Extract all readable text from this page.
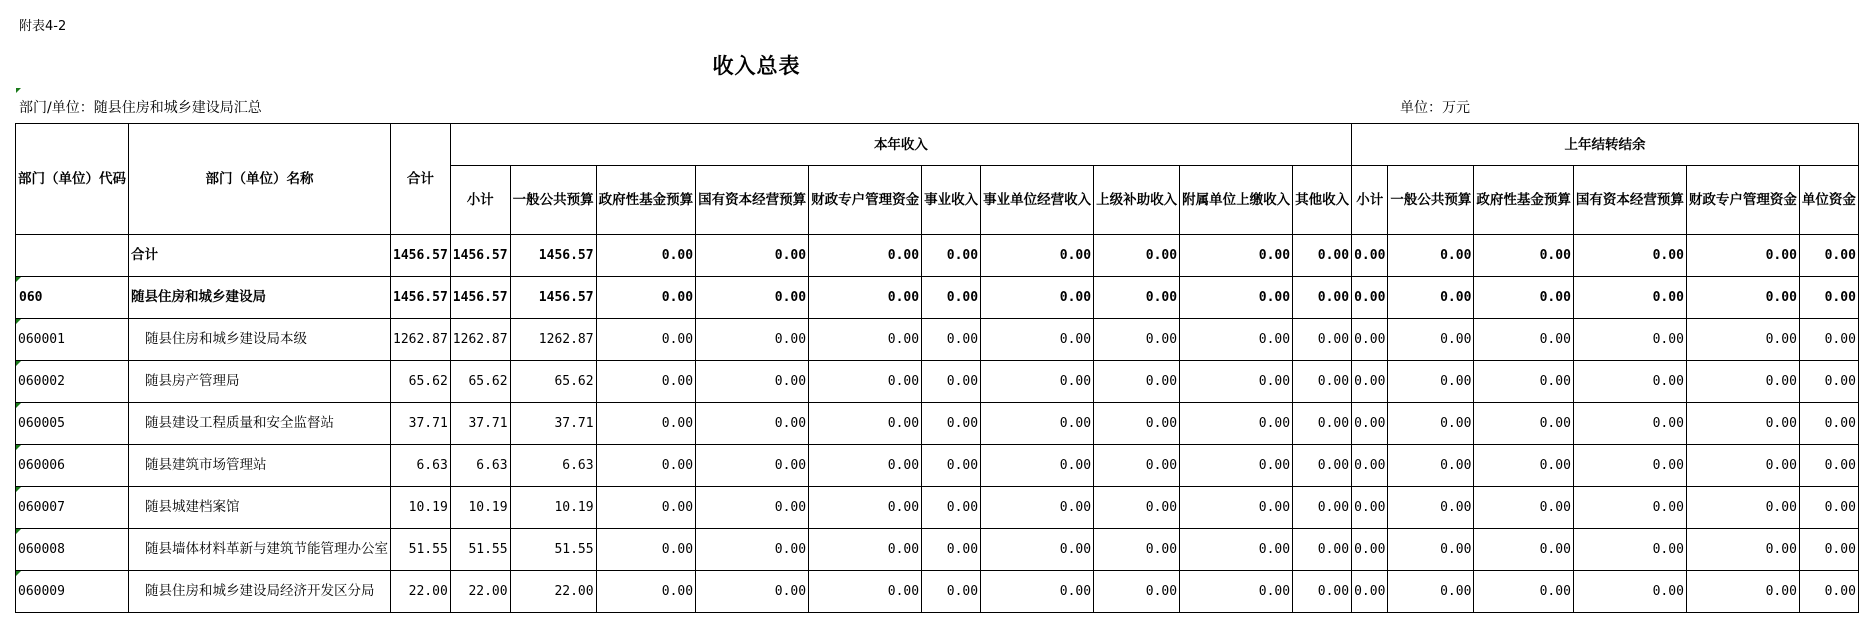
附表4-2
收入总表
部门/单位：随县住房和城乡建设局汇总	单位：万元
部门（单位）代码	部门（单位）名称	合计	本年收入										上年结转结余					
			小计	一般公共预算	政府性基金预算	国有资本经营预算	财政专户管理资金	事业收入	事业单位经营收入	上级补助收入	附属单位上缴收入	其他收入	小计	一般公共预算	政府性基金预算	国有资本经营预算	财政专户管理资金	单位资金
	合计	1456.57	1456.57	1456.57	0.00	0.00	0.00	0.00	0.00	0.00	0.00	0.00	0.00	0.00	0.00	0.00	0.00	0.00

060	随县住房和城乡建设局	1456.57	1456.57	1456.57	0.00	0.00	0.00	0.00	0.00	0.00	0.00	0.00	0.00	0.00	0.00	0.00	0.00	0.00

060001	随县住房和城乡建设局本级	1262.87	1262.87	1262.87	0.00	0.00	0.00	0.00	0.00	0.00	0.00	0.00	0.00	0.00	0.00	0.00	0.00	0.00

060002	随县房产管理局	65.62	65.62	65.62	0.00	0.00	0.00	0.00	0.00	0.00	0.00	0.00	0.00	0.00	0.00	0.00	0.00	0.00

060005	随县建设工程质量和安全监督站	37.71	37.71	37.71	0.00	0.00	0.00	0.00	0.00	0.00	0.00	0.00	0.00	0.00	0.00	0.00	0.00	0.00

060006	随县建筑市场管理站	6.63	6.63	6.63	0.00	0.00	0.00	0.00	0.00	0.00	0.00	0.00	0.00	0.00	0.00	0.00	0.00	0.00

060007	随县城建档案馆	10.19	10.19	10.19	0.00	0.00	0.00	0.00	0.00	0.00	0.00	0.00	0.00	0.00	0.00	0.00	0.00	0.00

060008	随县墙体材料革新与建筑节能管理办公室	51.55	51.55	51.55	0.00	0.00	0.00	0.00	0.00	0.00	0.00	0.00	0.00	0.00	0.00	0.00	0.00	0.00

060009	随县住房和城乡建设局经济开发区分局	22.00	22.00	22.00	0.00	0.00	0.00	0.00	0.00	0.00	0.00	0.00	0.00	0.00	0.00	0.00	0.00	0.00
